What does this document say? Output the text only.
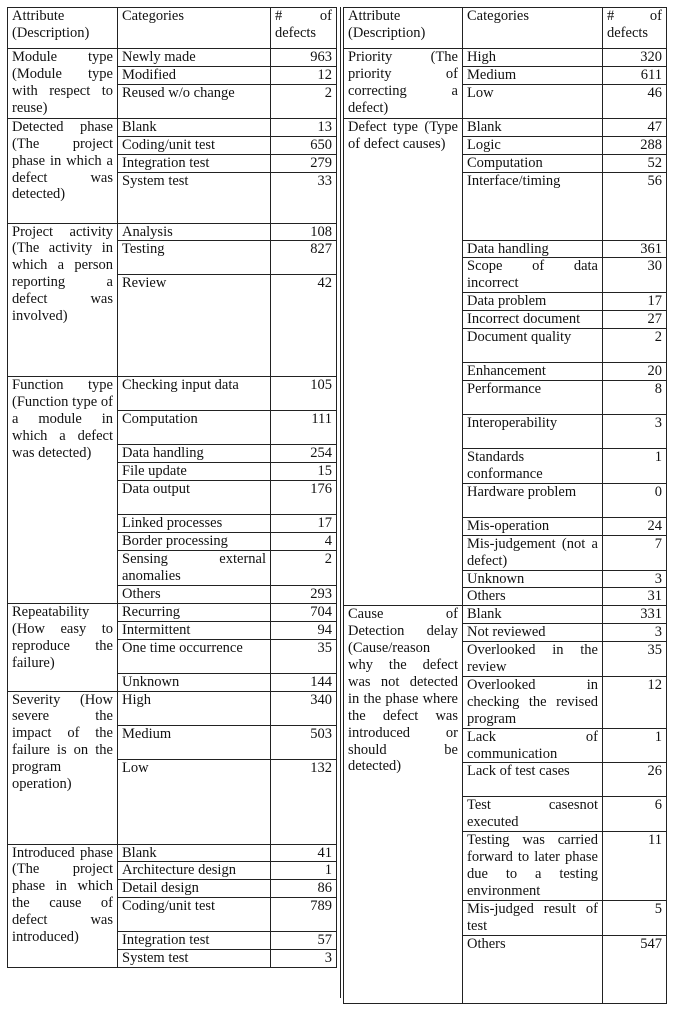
Attribute (Description)	Categories	# of defects
Module type (Module type with respect to reuse)	Newly made	963
	Modified	12
	Reused w/o change	2
Detected phase (The project phase in which a defect was detected)	Blank	13
	Coding/unit test	650
	Integration test	279
	System test	33
Project activity (The activity in which a person reporting a defect was involved)	Analysis	108
	Testing	827
	Review	42
Function type (Function type of a module in which a defect was detected)	Checking input data	105
	Computation	111
	Data handling	254
	File update	15
	Data output	176
	Linked processes	17
	Border processing	4
	Sensing external anomalies	2
	Others	293
Repeatability (How easy to reproduce the failure)	Recurring	704
	Intermittent	94
	One time occurrence	35
	Unknown	144
Severity (How severe the impact of the failure is on the program operation)	High	340
	Medium	503
	Low	132
Introduced phase (The project phase in which the cause of defect was introduced)	Blank	41
	Architecture design	1
	Detail design	86
	Coding/unit test	789
	Integration test	57
	System test	3
Attribute (Description)	Categories	# of defects
Priority (The priority of correcting a defect)	High	320
	Medium	611
	Low	46
Defect type (Type of defect causes)	Blank	47
	Logic	288
	Computation	52
	Interface/timing	56
	Data handling	361
	Scope of data incorrect	30
	Data problem	17
	Incorrect document	27
	Document quality	2
	Enhancement	20
	Performance	8
	Interoperability	3
	Standards conformance	1
	Hardware problem	0
	Mis-operation	24
	Mis-judgement (not a defect)	7
	Unknown	3
	Others	31
Cause of Detection delay (Cause/reason why the defect was not detected in the phase where the defect was introduced or should be detected)	Blank	331
	Not reviewed	3
	Overlooked in the review	35
	Overlooked in checking the revised program	12
	Lack of communication	1
	Lack of test cases	26
	Test casesnot executed	6
	Testing was carried forward to later phase due to a testing environment	11
	Mis-judged result of test	5
	Others	547
